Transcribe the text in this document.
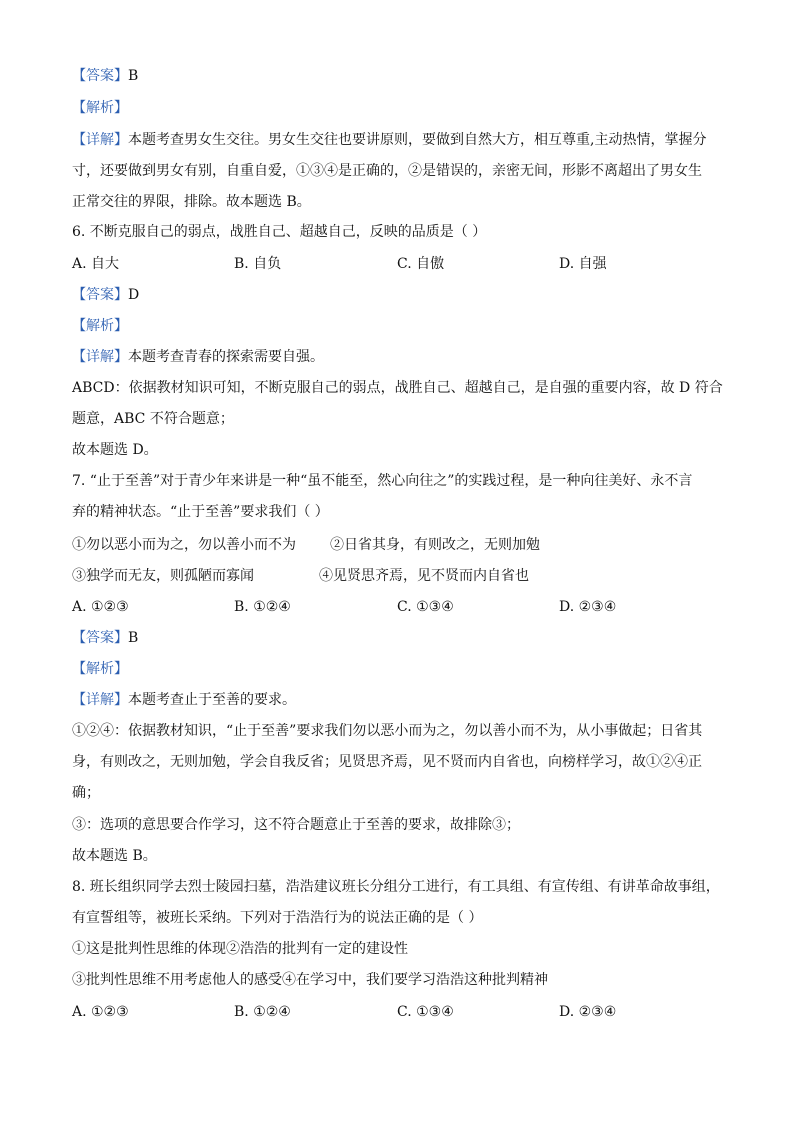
【答案】B
【解析】
【详解】本题考查男女生交往。男女生交往也要讲原则，要做到自然大方，相互尊重,主动热情，掌握分
寸，还要做到男女有别，自重自爱，①③④是正确的，②是错误的，亲密无间，形影不离超出了男女生
正常交往的界限，排除。故本题选 B。
6. 不断克服自己的弱点，战胜自己、超越自己，反映的品质是（ ）
A. 自大	B. 自负	C. 自傲	D. 自强
【答案】D
【解析】
【详解】本题考查青春的探索需要自强。
ABCD：依据教材知识可知，不断克服自己的弱点，战胜自己、超越自己，是自强的重要内容，故 D 符合
题意，ABC 不符合题意；
故本题选 D。
7. “止于至善”对于青少年来讲是一种“虽不能至，然心向往之”的实践过程，是一种向往美好、永不言
弃的精神状态。“止于至善”要求我们（ ）
①勿以恶小而为之，勿以善小而不为 ②日省其身，有则改之，无则加勉
③独学而无友，则孤陋而寡闻	④见贤思齐焉，见不贤而内自省也
A. ①②③	B. ①②④	C. ①③④	D. ②③④
【答案】B
【解析】
【详解】本题考查止于至善的要求。
①②④：依据教材知识，“止于至善”要求我们勿以恶小而为之，勿以善小而不为，从小事做起；日省其
身，有则改之，无则加勉，学会自我反省；见贤思齐焉，见不贤而内自省也，向榜样学习，故①②④正
确；
③：选项的意思要合作学习，这不符合题意止于至善的要求，故排除③；
故本题选 B。
8. 班长组织同学去烈士陵园扫墓，浩浩建议班长分组分工进行，有工具组、有宣传组、有讲革命故事组，
有宣誓组等，被班长采纳。下列对于浩浩行为的说法正确的是（ ）
①这是批判性思维的体现②浩浩的批判有一定的建设性
③批判性思维不用考虑他人的感受④在学习中，我们要学习浩浩这种批判精神
A. ①②③	B. ①②④	C. ①③④	D. ②③④
